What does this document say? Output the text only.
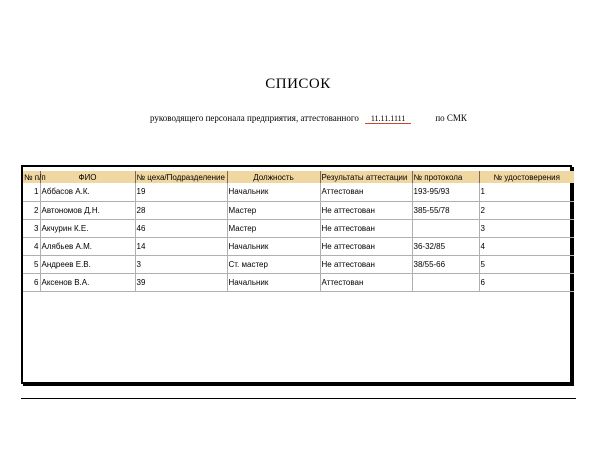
СПИСОК
руководящего персонала предприятия, аттестованного 11.11.1111	по СМК
№ п/п	ФИО	№ цеха/Подразделение	Должность	Результаты аттестации	№ протокола	№ удостоверения
1	Аббасов А.К.	19	Начальник	Аттестован	193-95/93	1
2	Автономов Д.Н.	28	Мастер	Не аттестован	385-55/78	2
3	Акчурин К.Е.	46	Мастер	Не аттестован		3
4	Алябьев А.М.	14	Начальник	Не аттестован	36-32/85	4
5	Андреев Е.В.	3	Ст. мастер	Не аттестован	38/55-66	5
6	Аксенов В.А.	39	Начальник	Аттестован		6
